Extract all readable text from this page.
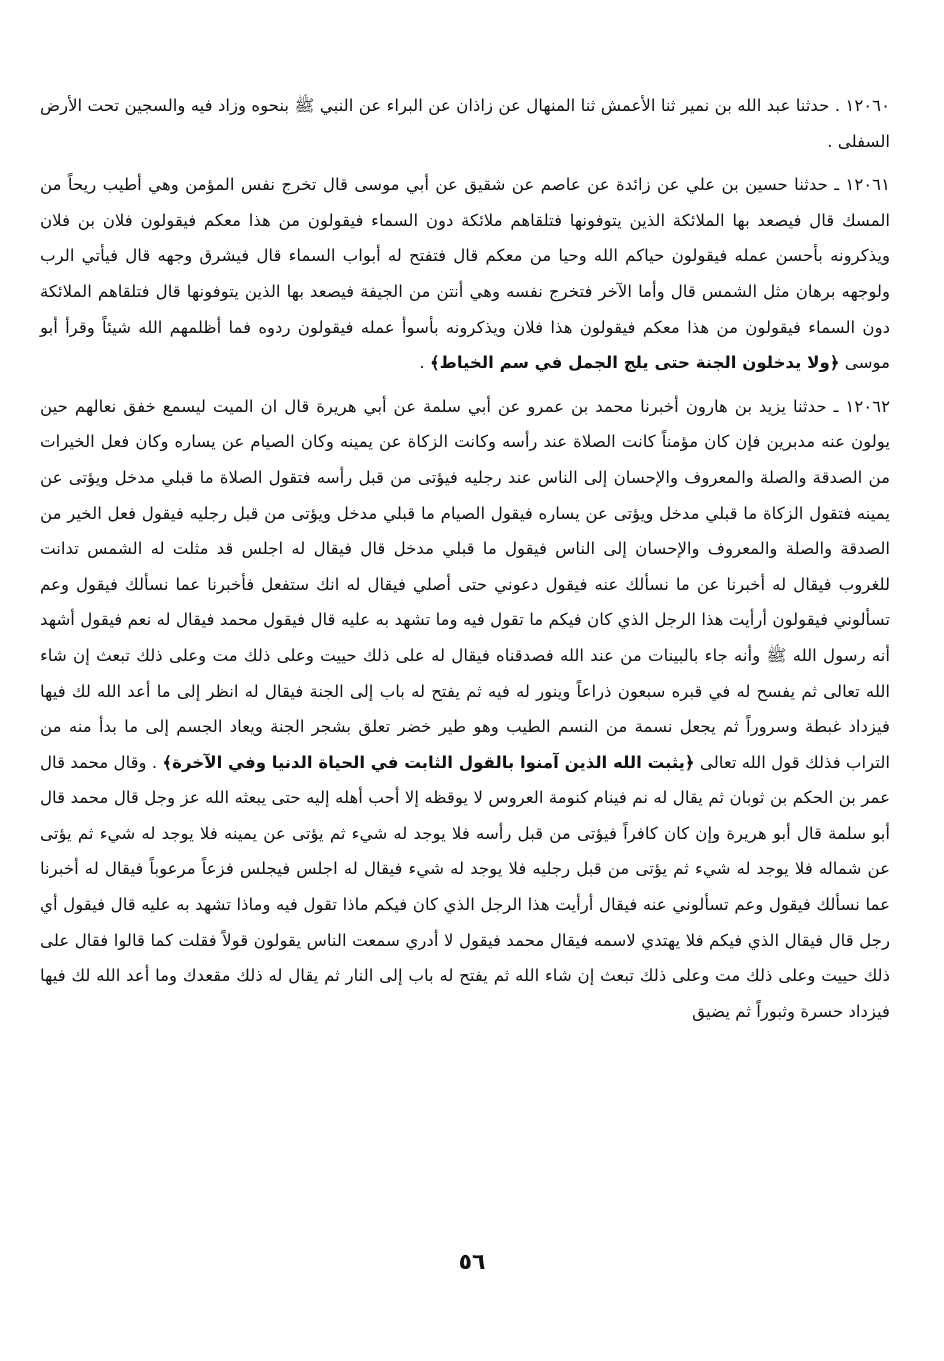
١٢٠٦٠ . حدثنا عبد الله بن نمير ثنا الأعمش ثنا المنهال عن زاذان عن البراء عن النبي ﷺ بنحوه وزاد فيه والسجين تحت الأرض السفلى .

١٢٠٦١ ـ حدثنا حسين بن علي عن زائدة عن عاصم عن شقيق عن أبي موسى قال تخرج نفس المؤمن وهي أطيب ريحاً من المسك قال فيصعد بها الملائكة الذين يتوفونها فتلقاهم ملائكة دون السماء فيقولون من هذا معكم فيقولون فلان بن فلان ويذكرونه بأحسن عمله فيقولون حياكم الله وحيا من معكم قال فتفتح له أبواب السماء قال فيشرق وجهه قال فيأتي الرب ولوجهه برهان مثل الشمس قال وأما الآخر فتخرج نفسه وهي أنتن من الجيفة فيصعد بها الذين يتوفونها قال فتلقاهم الملائكة دون السماء فيقولون من هذا معكم فيقولون هذا فلان ويذكرونه بأسوأ عمله فيقولون ردوه فما أظلمهم الله شيئاً وقرأ أبو موسى ﴿ولا يدخلون الجنة حتى يلج الجمل في سم الخياط﴾ .

١٢٠٦٢ ـ حدثنا يزيد بن هارون أخبرنا محمد بن عمرو عن أبي سلمة عن أبي هريرة قال ان الميت ليسمع خفق نعالهم حين يولون عنه مدبرين فإن كان مؤمناً كانت الصلاة عند رأسه وكانت الزكاة عن يمينه وكان الصيام عن يساره وكان فعل الخيرات من الصدقة والصلة والمعروف والإحسان إلى الناس عند رجليه فيؤتى من قبل رأسه فتقول الصلاة ما قبلي مدخل ويؤتى عن يمينه فتقول الزكاة ما قبلي مدخل ويؤتى عن يساره فيقول الصيام ما قبلي مدخل ويؤتى من قبل رجليه فيقول فعل الخير من الصدقة والصلة والمعروف والإحسان إلى الناس فيقول ما قبلي مدخل قال فيقال له اجلس قد مثلت له الشمس تدانت للغروب فيقال له أخبرنا عن ما نسألك عنه فيقول دعوني حتى أصلي فيقال له انك ستفعل فأخبرنا عما نسألك فيقول وعم تسألوني فيقولون أرأيت هذا الرجل الذي كان فيكم ما تقول فيه وما تشهد به عليه قال فيقول محمد فيقال له نعم فيقول أشهد أنه رسول الله ﷺ وأنه جاء بالبينات من عند الله فصدقناه فيقال له على ذلك حييت وعلى ذلك مت وعلى ذلك تبعث إن شاء الله تعالى ثم يفسح له في قبره سبعون ذراعاً وينور له فيه ثم يفتح له باب إلى الجنة فيقال له انظر إلى ما أعد الله لك فيها فيزداد غبطة وسروراً ثم يجعل نسمة من النسم الطيب وهو طير خضر تعلق بشجر الجنة ويعاد الجسم إلى ما بدأ منه من التراب فذلك قول الله تعالى ﴿يثبت الله الذين آمنوا بالقول الثابت في الحياة الدنيا وفي الآخرة﴾ . وقال محمد قال عمر بن الحكم بن ثوبان ثم يقال له نم فينام كنومة العروس لا يوقظه إلا أحب أهله إليه حتى يبعثه الله عز وجل قال محمد قال أبو سلمة قال أبو هريرة وإن كان كافراً فيؤتى من قبل رأسه فلا يوجد له شيء ثم يؤتى عن يمينه فلا يوجد له شيء ثم يؤتى عن شماله فلا يوجد له شيء ثم يؤتى من قبل رجليه فلا يوجد له شيء فيقال له اجلس فيجلس فزعاً مرعوباً فيقال له أخبرنا عما نسألك فيقول وعم تسألوني عنه فيقال أرأيت هذا الرجل الذي كان فيكم ماذا تقول فيه وماذا تشهد به عليه قال فيقول أي رجل قال فيقال الذي فيكم فلا يهتدي لاسمه فيقال محمد فيقول لا أدري سمعت الناس يقولون قولاً فقلت كما قالوا فقال على ذلك حييت وعلى ذلك مت وعلى ذلك تبعث إن شاء الله ثم يفتح له باب إلى النار ثم يقال له ذلك مقعدك وما أعد الله لك فيها فيزداد حسرة وثبوراً ثم يضيق

٥٦
